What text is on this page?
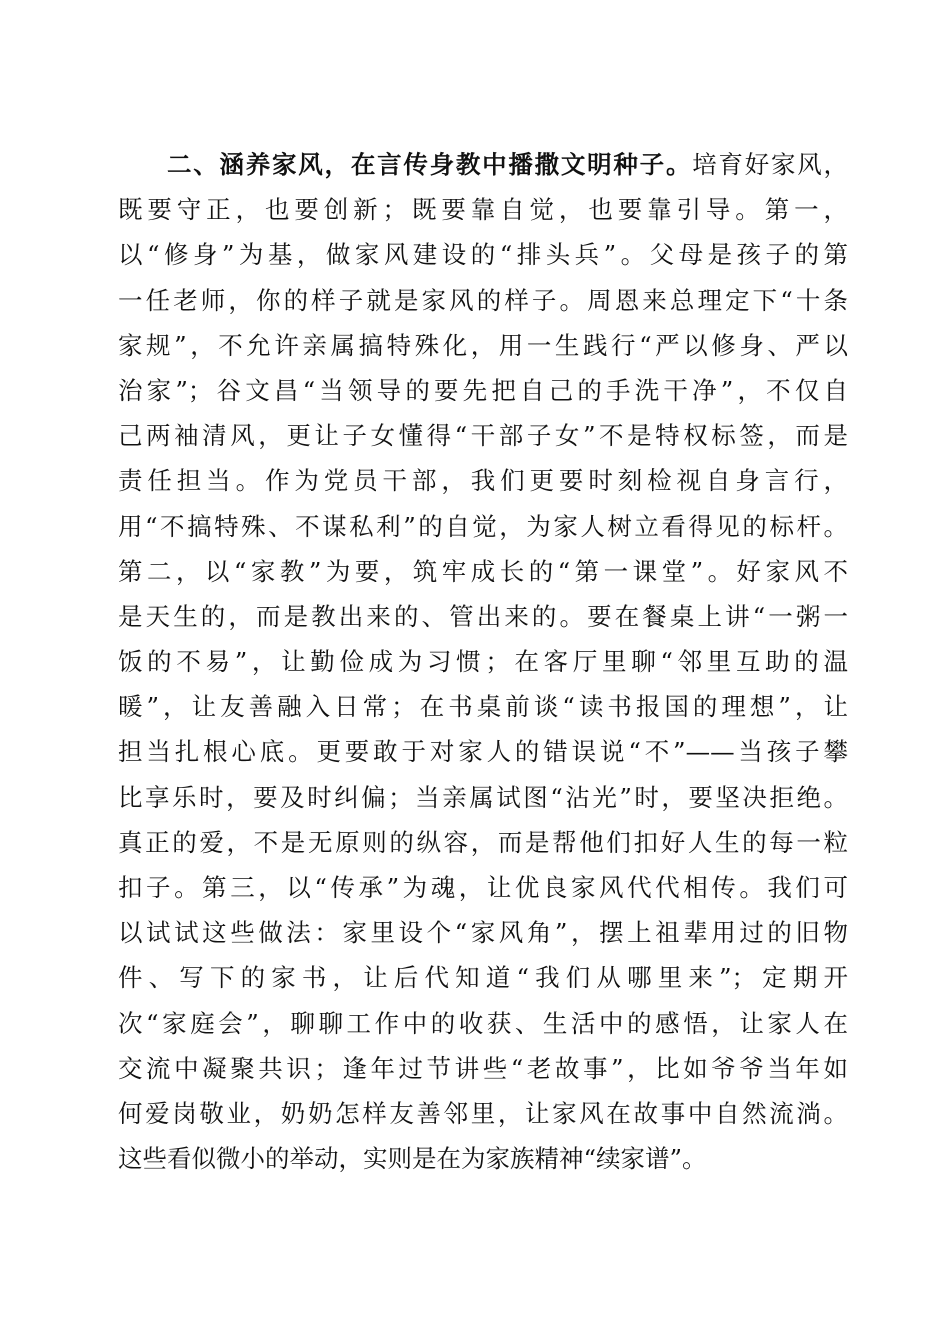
二、涵养家风，在言传身教中播撒文明种子。培育好家风，
既要守正，也要创新；既要靠自觉，也要靠引导。第一，
以“修身”为基，做家风建设的“排头兵”。父母是孩子的第
一任老师，你的样子就是家风的样子。周恩来总理定下“十条
家规”，不允许亲属搞特殊化，用一生践行“严以修身、严以
治家”；谷文昌“当领导的要先把自己的手洗干净”，不仅自
己两袖清风，更让子女懂得“干部子女”不是特权标签，而是
责任担当。作为党员干部，我们更要时刻检视自身言行，
用“不搞特殊、不谋私利”的自觉，为家人树立看得见的标杆。
第二，以“家教”为要，筑牢成长的“第一课堂”。好家风不
是天生的，而是教出来的、管出来的。要在餐桌上讲“一粥一
饭的不易”，让勤俭成为习惯；在客厅里聊“邻里互助的温
暖”，让友善融入日常；在书桌前谈“读书报国的理想”，让
担当扎根心底。更要敢于对家人的错误说“不”——当孩子攀
比享乐时，要及时纠偏；当亲属试图“沾光”时，要坚决拒绝。
真正的爱，不是无原则的纵容，而是帮他们扣好人生的每一粒
扣子。第三，以“传承”为魂，让优良家风代代相传。我们可
以试试这些做法：家里设个“家风角”，摆上祖辈用过的旧物
件、写下的家书，让后代知道“我们从哪里来”；定期开
次“家庭会”，聊聊工作中的收获、生活中的感悟，让家人在
交流中凝聚共识；逢年过节讲些“老故事”，比如爷爷当年如
何爱岗敬业，奶奶怎样友善邻里，让家风在故事中自然流淌。
这些看似微小的举动，实则是在为家族精神“续家谱”。
